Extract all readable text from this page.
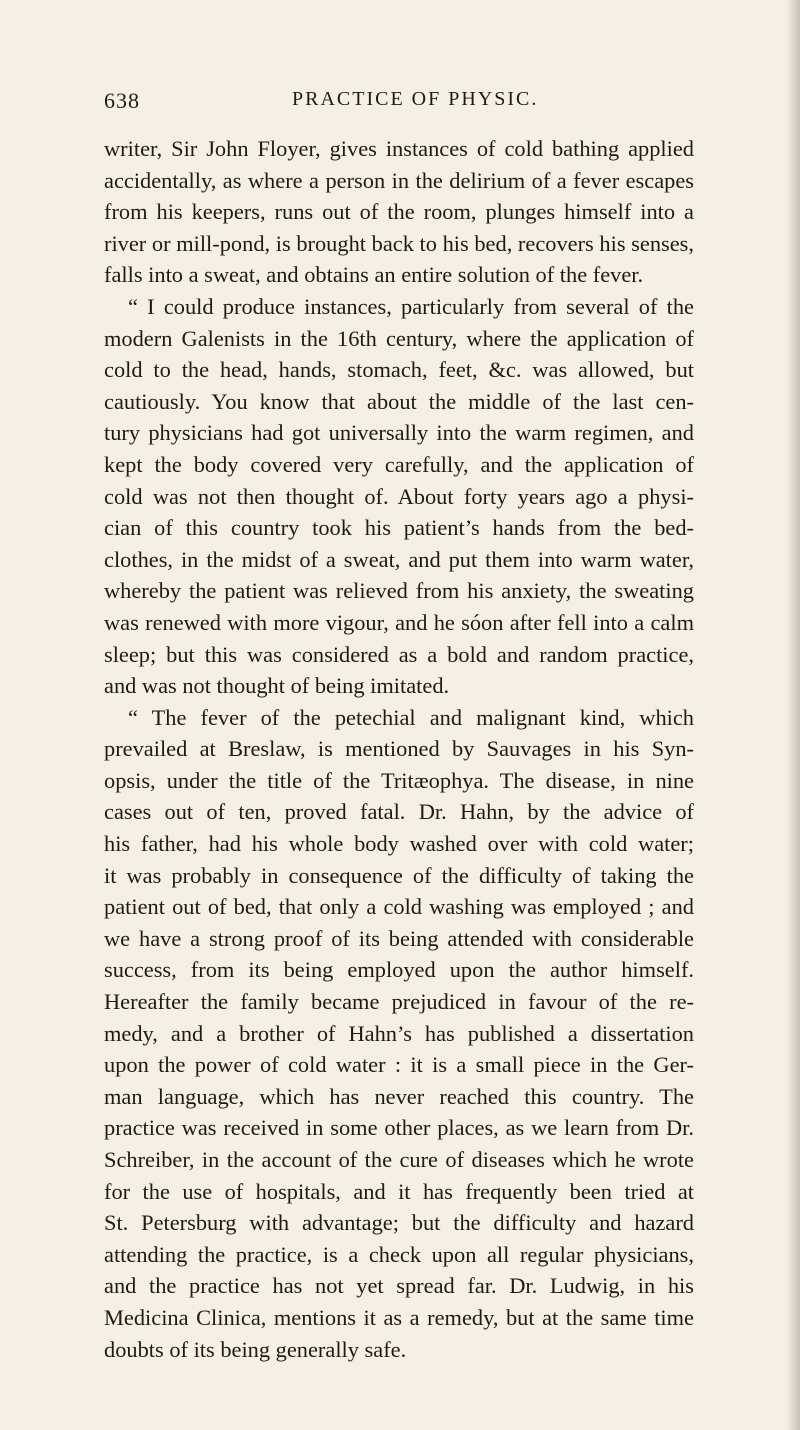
638	PRACTICE OF PHYSIC.
writer, Sir John Floyer, gives instances of cold bathing applied
accidentally, as where a person in the delirium of a fever escapes
from his keepers, runs out of the room, plunges himself into a
river or mill-pond, is brought back to his bed, recovers his senses,
falls into a sweat, and obtains an entire solution of the fever.
“ I could produce instances, particularly from several of the
modern Galenists in the 16th century, where the application of
cold to the head, hands, stomach, feet, &c. was allowed, but
cautiously. You know that about the middle of the last cen-
tury physicians had got universally into the warm regimen, and
kept the body covered very carefully, and the application of
cold was not then thought of. About forty years ago a physi-
cian of this country took his patient’s hands from the bed-
clothes, in the midst of a sweat, and put them into warm water,
whereby the patient was relieved from his anxiety, the sweating
was renewed with more vigour, and he sóon after fell into a calm
sleep; but this was considered as a bold and random practice,
and was not thought of being imitated.
“ The fever of the petechial and malignant kind, which
prevailed at Breslaw, is mentioned by Sauvages in his Syn-
opsis, under the title of the Tritæophya. The disease, in nine
cases out of ten, proved fatal. Dr. Hahn, by the advice of
his father, had his whole body washed over with cold water;
it was probably in consequence of the difficulty of taking the
patient out of bed, that only a cold washing was employed ; and
we have a strong proof of its being attended with considerable
success, from its being employed upon the author himself.
Hereafter the family became prejudiced in favour of the re-
medy, and a brother of Hahn’s has published a dissertation
upon the power of cold water : it is a small piece in the Ger-
man language, which has never reached this country. The
practice was received in some other places, as we learn from Dr.
Schreiber, in the account of the cure of diseases which he wrote
for the use of hospitals, and it has frequently been tried at
St. Petersburg with advantage; but the difficulty and hazard
attending the practice, is a check upon all regular physicians,
and the practice has not yet spread far. Dr. Ludwig, in his
Medicina Clinica, mentions it as a remedy, but at the same time
doubts of its being generally safe.
